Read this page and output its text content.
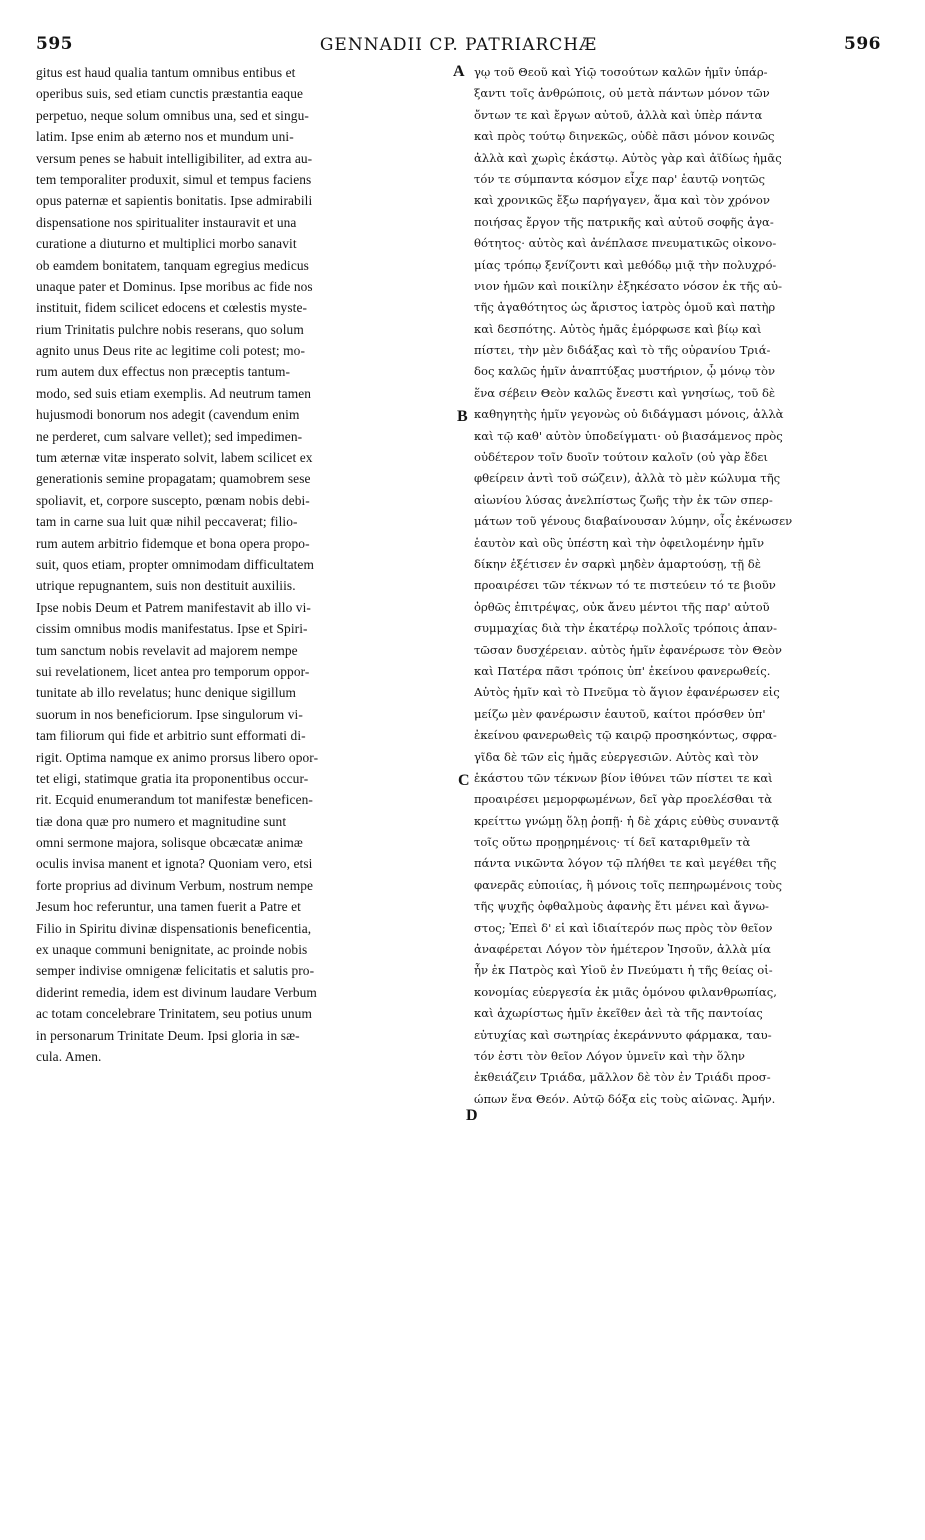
595	GENNADII CP. PATRIARCHÆ	596
gitus est haud qualia tantum omnibus entibus et
operibus suis, sed etiam cunctis præstantia eaque
perpetuo, neque solum omnibus una, sed et singu-
latim. Ipse enim ab æterno nos et mundum uni-
versum penes se habuit intelligibiliter, ad extra au-
tem temporaliter produxit, simul et tempus faciens
opus paternæ et sapientis bonitatis. Ipse admirabili
dispensatione nos spiritualiter instauravit et una
curatione a diuturno et multiplici morbo sanavit
ob eamdem bonitatem, tanquam egregius medicus
unaque pater et Dominus. Ipse moribus ac fide nos
instituit, fidem scilicet edocens et cœlestis myste-
rium Trinitatis pulchre nobis reserans, quo solum
agnito unus Deus rite ac legitime coli potest; mo-
rum autem dux effectus non præceptis tantum-
modo, sed suis etiam exemplis. Ad neutrum tamen
hujusmodi bonorum nos adegit (cavendum enim
ne perderet, cum salvare vellet); sed impedimen-
tum æternæ vitæ insperato solvit, labem scilicet ex
generationis semine propagatam; quamobrem sese
spoliavit, et, corpore suscepto, pœnam nobis debi-
tam in carne sua luit quæ nihil peccaverat; filio-
rum autem arbitrio fidemque et bona opera propo-
suit, quos etiam, propter omnimodam difficultatem
utrique repugnantem, suis non destituit auxiliis.
Ipse nobis Deum et Patrem manifestavit ab illo vi-
cissim omnibus modis manifestatus. Ipse et Spiri-
tum sanctum nobis revelavit ad majorem nempe
sui revelationem, licet antea pro temporum oppor-
tunitate ab illo revelatus; hunc denique sigillum
suorum in nos beneficiorum. Ipse singulorum vi-
tam filiorum qui fide et arbitrio sunt efformati di-
rigit. Optima namque ex animo prorsus libero opor-
tet eligi, statimque gratia ita proponentibus occur-
rit. Ecquid enumerandum tot manifestæ beneficen-
tiæ dona quæ pro numero et magnitudine sunt
omni sermone majora, solisque obcæcatæ animæ
oculis invisa manent et ignota? Quoniam vero, etsi
forte proprius ad divinum Verbum, nostrum nempe
Jesum hoc referuntur, una tamen fuerit a Patre et
Filio in Spiritu divinæ dispensationis beneficentia,
ex unaque communi benignitate, ac proinde nobis
semper indivise omnigenæ felicitatis et salutis pro-
diderint remedia, idem est divinum laudare Verbum
ac totam concelebrare Trinitatem, seu potius unum
in personarum Trinitate Deum. Ipsi gloria in sæ-
cula. Amen.
γῳ τοῦ Θεοῦ καὶ Υἱῷ τοσούτων καλῶν ἡμῖν ὑπάρ-
ξαντι τοῖς ἀνθρώποις, οὐ μετὰ πάντων μόνον τῶν
ὄντων τε καὶ ἔργων αὐτοῦ, ἀλλὰ καὶ ὑπὲρ πάντα
καὶ πρὸς τούτῳ διηνεκῶς, οὐδὲ πᾶσι μόνον κοινῶς
ἀλλὰ καὶ χωρὶς ἑκάστῳ. Αὐτὸς γὰρ καὶ ἀϊδίως ἡμᾶς
τόν τε σύμπαντα κόσμον εἶχε παρ' ἑαυτῷ νοητῶς
καὶ χρονικῶς ἔξω παρήγαγεν, ἅμα καὶ τὸν χρόνον
ποιήσας ἔργον τῆς πατρικῆς καὶ αὐτοῦ σοφῆς ἀγα-
θότητος· αὐτὸς καὶ ἀνέπλασε πνευματικῶς οἰκονο-
μίας τρόπῳ ξενίζοντι καὶ μεθόδῳ μιᾷ τὴν πολυχρό-
νιον ἡμῶν καὶ ποικίλην ἐξηκέσατο νόσον ἐκ τῆς αὐ-
τῆς ἀγαθότητος ὡς ἄριστος ἰατρὸς ὁμοῦ καὶ πατὴρ
καὶ δεσπότης. Αὐτὸς ἡμᾶς ἐμόρφωσε καὶ βίῳ καὶ
πίστει, τὴν μὲν διδάξας καὶ τὸ τῆς οὐρανίου Τριά-
δος καλῶς ἡμῖν ἀναπτύξας μυστήριον, ᾧ μόνῳ τὸν
ἕνα σέβειν Θεὸν καλῶς ἔνεστι καὶ γνησίως, τοῦ δὲ
καθηγητὴς ἡμῖν γεγονὼς οὐ διδάγμασι μόνοις, ἀλλὰ
καὶ τῷ καθ' αὐτὸν ὑποδείγματι· οὐ βιασάμενος πρὸς
οὐδέτερον τοῖν δυοῖν τούτοιν καλοῖν (οὐ γὰρ ἔδει
φθείρειν ἀντὶ τοῦ σώζειν), ἀλλὰ τὸ μὲν κώλυμα τῆς
αἰωνίου λύσας ἀνελπίστως ζωῆς τὴν ἐκ τῶν σπερ-
μάτων τοῦ γένους διαβαίνουσαν λύμην, οἷς ἐκένωσεν
ἑαυτὸν καὶ οὓς ὑπέστη καὶ τὴν ὀφειλομένην ἡμῖν
δίκην ἐξέτισεν ἐν σαρκὶ μηδὲν ἁμαρτούσῃ, τῇ δὲ
προαιρέσει τῶν τέκνων τό τε πιστεύειν τό τε βιοῦν
ὀρθῶς ἐπιτρέψας, οὐκ ἄνευ μέντοι τῆς παρ' αὐτοῦ
συμμαχίας διὰ τὴν ἑκατέρῳ πολλοῖς τρόποις ἀπαν-
τῶσαν δυσχέρειαν. αὐτὸς ἡμῖν ἐφανέρωσε τὸν Θεὸν
καὶ Πατέρα πᾶσι τρόποις ὑπ' ἐκείνου φανερωθείς.
Αὐτὸς ἡμῖν καὶ τὸ Πνεῦμα τὸ ἅγιον ἐφανέρωσεν εἰς
μείζω μὲν φανέρωσιν ἑαυτοῦ, καίτοι πρόσθεν ὑπ'
ἐκείνου φανερωθεὶς τῷ καιρῷ προσηκόντως, σφρα-
γῖδα δὲ τῶν εἰς ἡμᾶς εὐεργεσιῶν. Αὐτὸς καὶ τὸν
ἑκάστου τῶν τέκνων βίον ἰθύνει τῶν πίστει τε καὶ
προαιρέσει μεμορφωμένων, δεῖ γὰρ προελέσθαι τὰ
κρείττω γνώμῃ ὅλῃ ῥοπῇ· ἡ δὲ χάρις εὐθὺς συναντᾷ
τοῖς οὕτω προῃρημένοις· τί δεῖ καταριθμεῖν τὰ
πάντα νικῶντα λόγον τῷ πλήθει τε καὶ μεγέθει τῆς
φανερᾶς εὐποιίας, ἣ μόνοις τοῖς πεπηρωμένοις τοὺς
τῆς ψυχῆς ὀφθαλμοὺς ἀφανὴς ἔτι μένει καὶ ἄγνω-
στος; Ἐπεὶ δ' εἰ καὶ ἰδιαίτερόν πως πρὸς τὸν θεῖον
ἀναφέρεται Λόγον τὸν ἡμέτερον Ἰησοῦν, ἀλλὰ μία
ἦν ἐκ Πατρὸς καὶ Υἱοῦ ἐν Πνεύματι ἡ τῆς θείας οἰ-
κονομίας εὐεργεσία ἐκ μιᾶς ὁμόνου φιλανθρωπίας,
καὶ ἀχωρίστως ἡμῖν ἐκεῖθεν ἀεὶ τὰ τῆς παντοίας
εὐτυχίας καὶ σωτηρίας ἐκεράννυτο φάρμακα, ταυ-
τόν ἐστι τὸν θεῖον Λόγον ὑμνεῖν καὶ τὴν ὅλην
ἐκθειάζειν Τριάδα, μᾶλλον δὲ τὸν ἐν Τριάδι προσ-
ώπων ἕνα Θεόν. Αὐτῷ δόξα εἰς τοὺς αἰῶνας. Ἀμήν.
A
B
C
D
